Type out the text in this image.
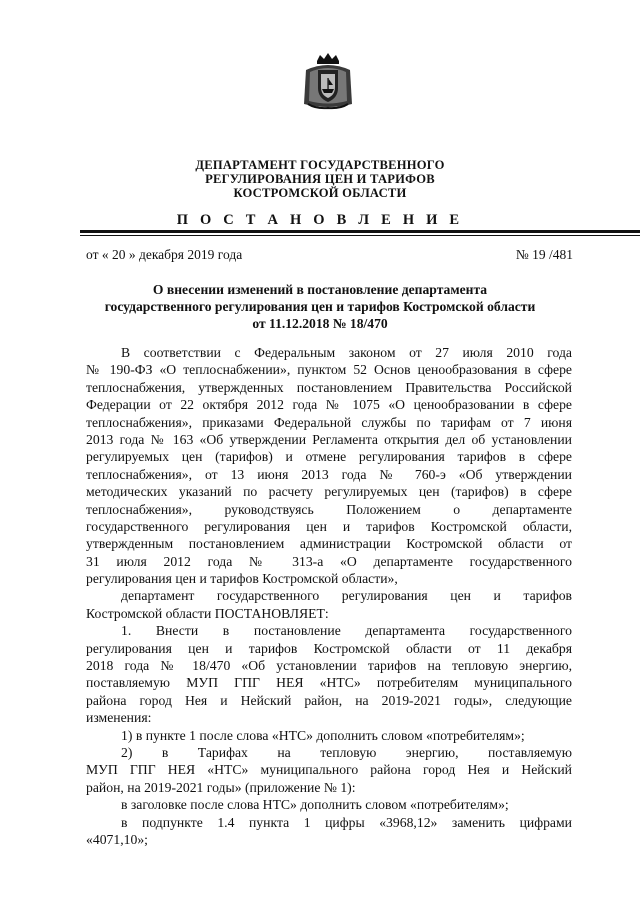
ДЕПАРТАМЕНТ ГОСУДАРСТВЕННОГО
РЕГУЛИРОВАНИЯ ЦЕН И ТАРИФОВ
КОСТРОМСКОЙ ОБЛАСТИ
П О С Т А Н О В Л Е Н И Е
от « 20 » декабря 2019 года	№ 19 /481
О внесении изменений в постановление департамента
государственного регулирования цен и тарифов Костромской области
от 11.12.2018 № 18/470
В соответствии с Федеральным законом от 27 июля 2010 года
№ 190-ФЗ «О теплоснабжении», пунктом 52 Основ ценообразования в сфере
теплоснабжения, утвержденных постановлением Правительства Российской
Федерации от 22 октября 2012 года № 1075 «О ценообразовании в сфере
теплоснабжения», приказами Федеральной службы по тарифам от 7 июня
2013 года № 163 «Об утверждении Регламента открытия дел об установлении
регулируемых цен (тарифов) и отмене регулирования тарифов в сфере
теплоснабжения», от 13 июня 2013 года № 760-э «Об утверждении
методических указаний по расчету регулируемых цен (тарифов) в сфере
теплоснабжения», руководствуясь Положением о департаменте
государственного регулирования цен и тарифов Костромской области,
утвержденным постановлением администрации Костромской области от
31 июля 2012 года № 313-а «О департаменте государственного
регулирования цен и тарифов Костромской области»,
департамент государственного регулирования цен и тарифов
Костромской области ПОСТАНОВЛЯЕТ:
1. Внести в постановление департамента государственного
регулирования цен и тарифов Костромской области от 11 декабря
2018 года № 18/470 «Об установлении тарифов на тепловую энергию,
поставляемую МУП ГПГ НЕЯ «НТС» потребителям муниципального
района город Нея и Нейский район, на 2019-2021 годы», следующие
изменения:
1) в пункте 1 после слова «НТС» дополнить словом «потребителям»;
2) в Тарифах на тепловую энергию, поставляемую
МУП ГПГ НЕЯ «НТС» муниципального района город Нея и Нейский
район, на 2019-2021 годы» (приложение № 1):
в заголовке после слова НТС» дополнить словом «потребителям»;
в подпункте 1.4 пункта 1 цифры «3968,12» заменить цифрами
«4071,10»;
